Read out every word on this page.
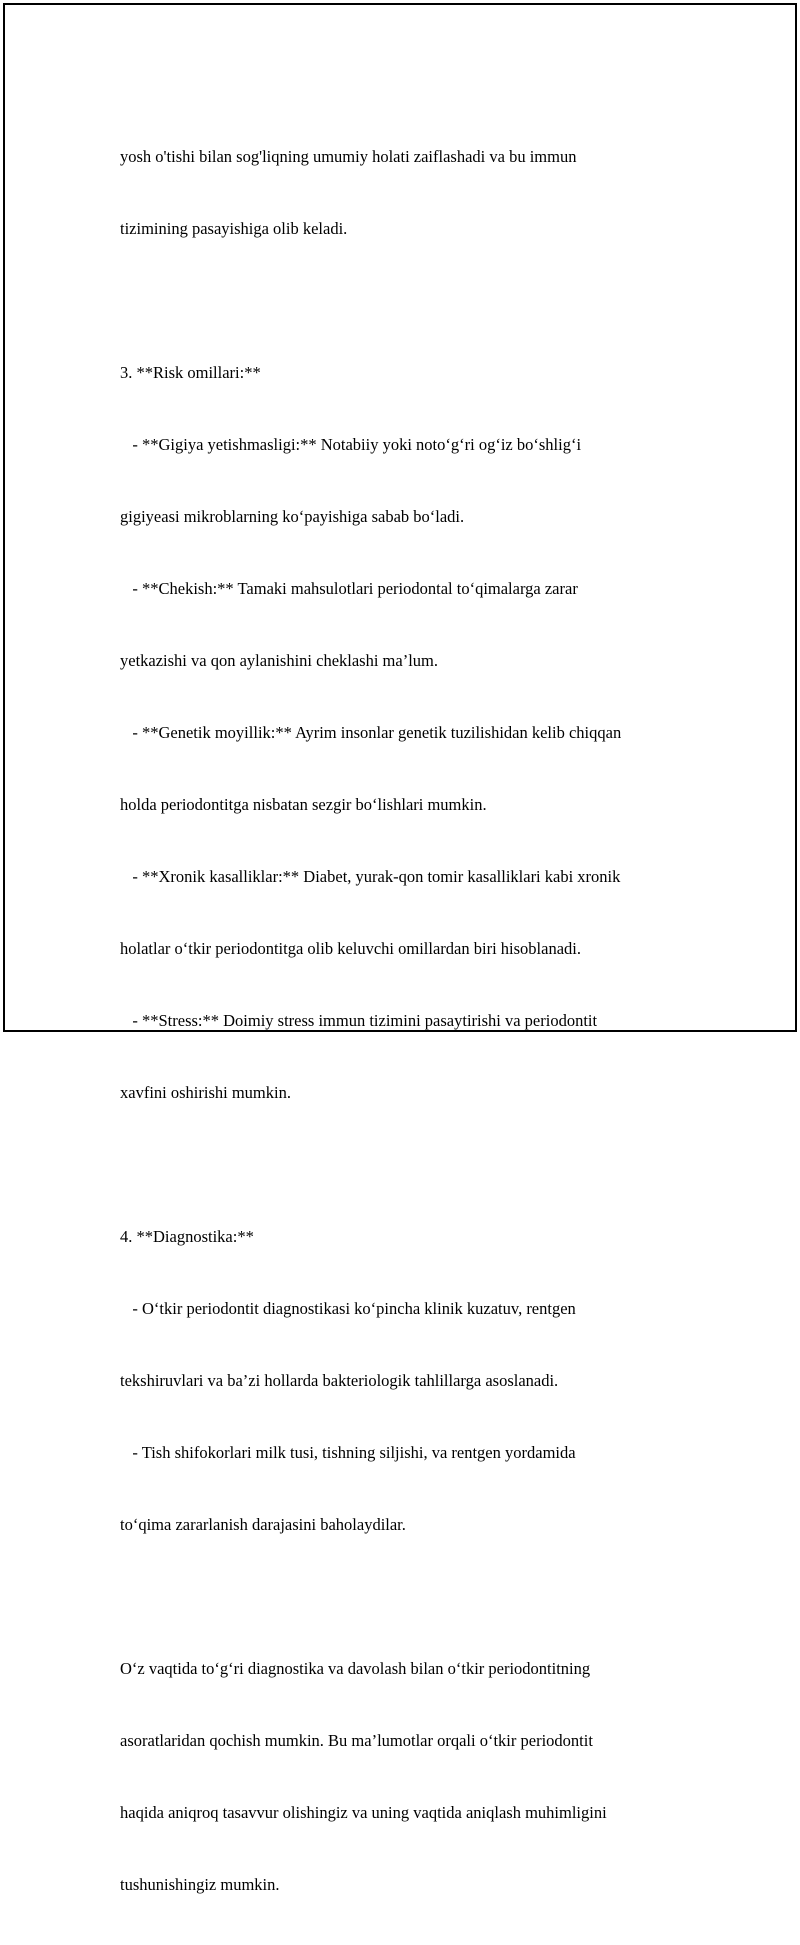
yosh o'tishi bilan sog'liqning umumiy holati zaiflashadi va bu immun

tizimining pasayishiga olib keladi.

3. **Risk omillari:**

- **Gigiya yetishmasligi:** Notabiiy yoki noto‘g‘ri og‘iz bo‘shlig‘i

gigiyeasi mikroblarning ko‘payishiga sabab bo‘ladi.

- **Chekish:** Tamaki mahsulotlari periodontal to‘qimalarga zarar

yetkazishi va qon aylanishini cheklashi ma’lum.

- **Genetik moyillik:** Ayrim insonlar genetik tuzilishidan kelib chiqqan

holda periodontitga nisbatan sezgir bo‘lishlari mumkin.

- **Xronik kasalliklar:** Diabet, yurak-qon tomir kasalliklari kabi xronik

holatlar o‘tkir periodontitga olib keluvchi omillardan biri hisoblanadi.

- **Stress:** Doimiy stress immun tizimini pasaytirishi va periodontit

xavfini oshirishi mumkin.

4. **Diagnostika:**

- O‘tkir periodontit diagnostikasi ko‘pincha klinik kuzatuv, rentgen

tekshiruvlari va ba’zi hollarda bakteriologik tahlillarga asoslanadi.

- Tish shifokorlari milk tusi, tishning siljishi, va rentgen yordamida

to‘qima zararlanish darajasini baholaydilar.

O‘z vaqtida to‘g‘ri diagnostika va davolash bilan o‘tkir periodontitning

asoratlaridan qochish mumkin. Bu ma’lumotlar orqali o‘tkir periodontit

haqida aniqroq tasavvur olishingiz va uning vaqtida aniqlash muhimligini

tushunishingiz mumkin.
